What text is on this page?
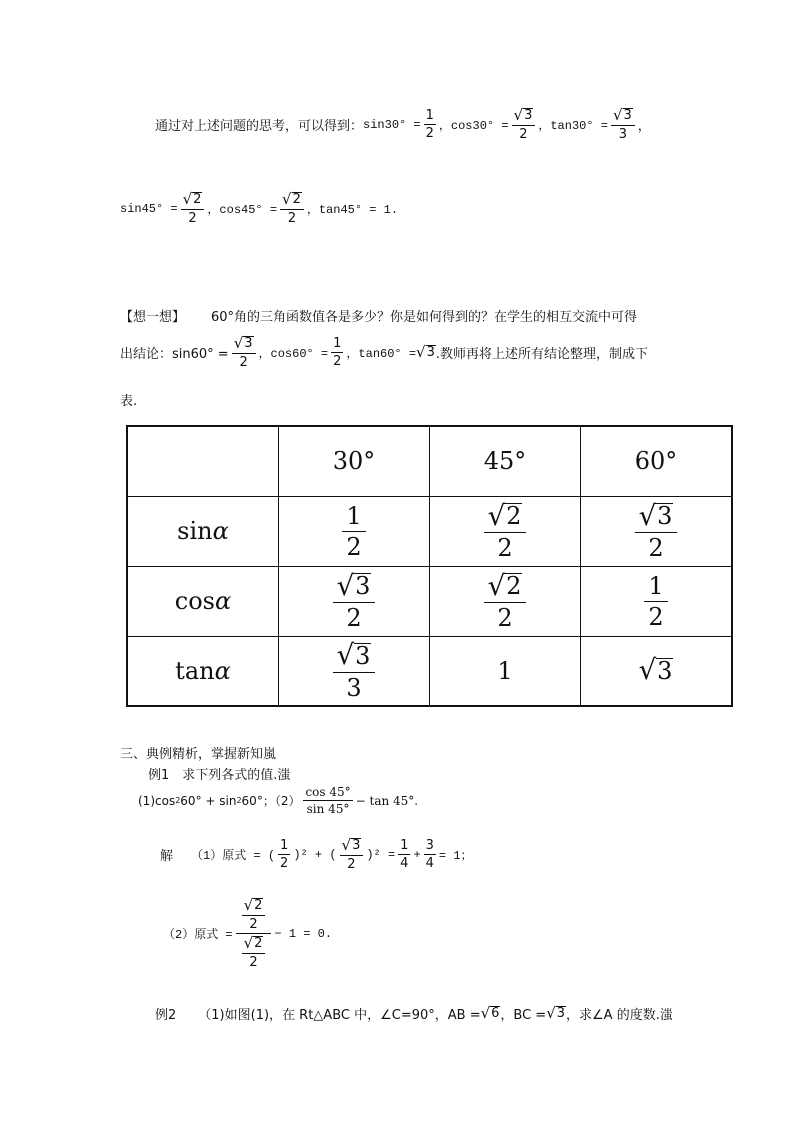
通过对上述问题的思考，可以得到： $\sin 30^\circ = \frac{1}{2}$ ，$\cos 30^\circ = \frac{√ 3}{2}$ ，$\tan 30^\circ = \frac{√ 3}{3}$ ，
$\sin 45^\circ = \frac{√ 2}{2}$ ，$\cos 45^\circ = \frac{√ 2}{2}$ ，tan45° = 1.
【想一想】 60°角的三角函数值各是多少？你是如何得到的？在学生的相互交流中可得
出结论：$\sin 60^\circ = \frac{√ 3}{2}$ ，$\cos 60^\circ = \frac{1}{2}$ ，tan60° = √ 3 .教师再将上述所有结论整理，制成下
表.
	30°	45°	60°
sinα	$\frac{1}{2}$	$\frac{√ 2}{2}$	$\frac{√ 3}{2}$

cosα	$\frac{√ 3}{2}$	$\frac{√ 2}{2}$	$\frac{1}{2}$

tanα	$\frac{√ 3}{3}$	1	√ 3
三、典例精析，掌握新知嵐
例1　求下列各式的值.滍
(1)cos 2 60° + sin 2 60°；$(2) \frac{\cos 45^\circ}{\sin 45^\circ} - \tan 45^\circ$.
解 （1）原式 = ( $\frac{1}{2} )^2$ + ( $\frac{√ 3}{2} )^2 = \frac{1}{4} + \frac{3}{4} = 1$；
（2）原式 = $\frac{\frac{√ 2}{2}}{\frac{√ 2}{2}} - 1 = 0$.
例2 （1)如图(1)，在 Rt△ABC 中，∠C=90°，AB = √ 6 ，BC = √ 3 ，求∠A 的度数.滍
